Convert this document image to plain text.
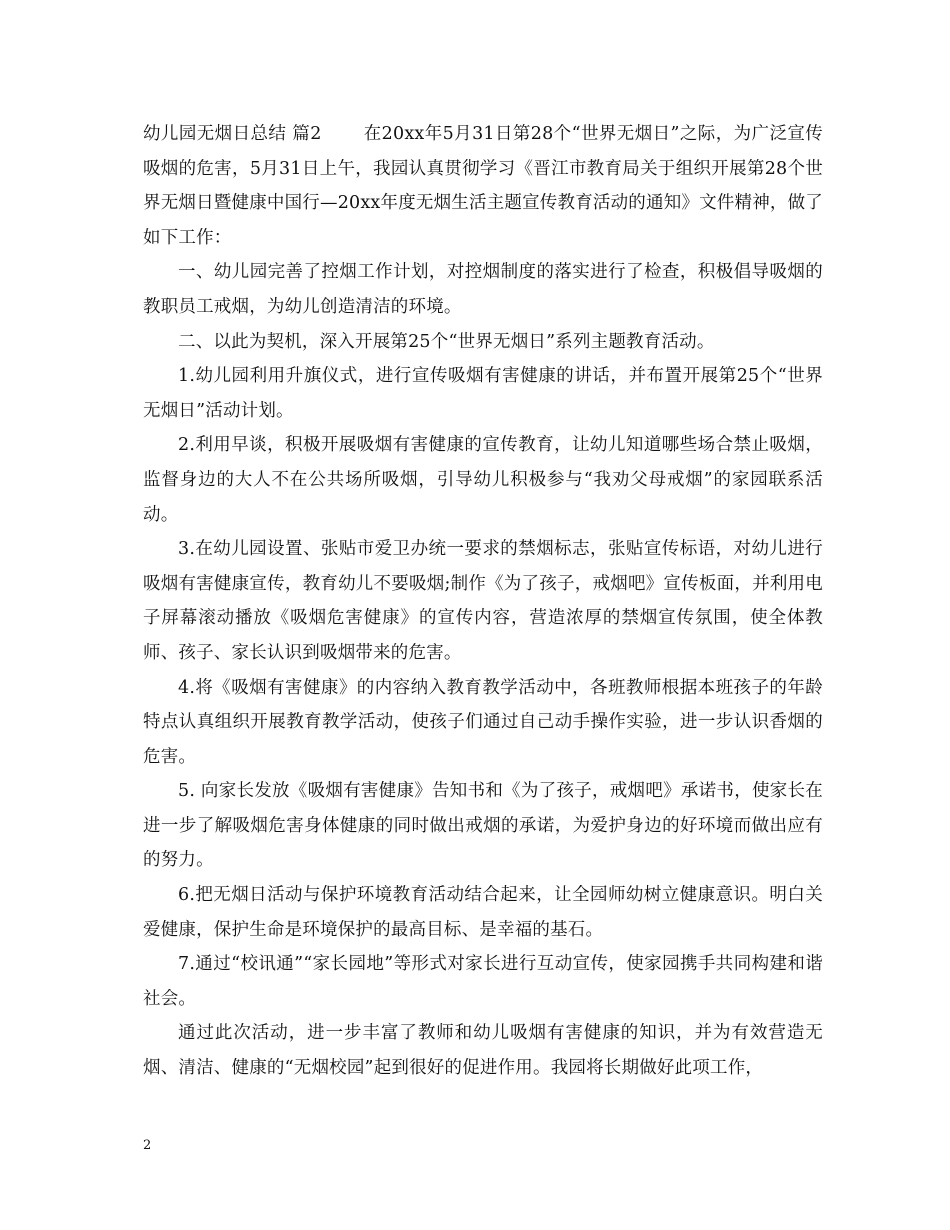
幼儿园无烟日总结 篇2 在20xx年5月31日第28个“世界无烟日”之际，为广泛宣传吸烟的危害，5月31日上午，我园认真贯彻学习《晋江市教育局关于组织开展第28个世界无烟日暨健康中国行—20xx年度无烟生活主题宣传教育活动的通知》文件精神，做了如下工作：

一、幼儿园完善了控烟工作计划，对控烟制度的落实进行了检查，积极倡导吸烟的教职员工戒烟，为幼儿创造清洁的环境。

二、以此为契机，深入开展第25个“世界无烟日”系列主题教育活动。

1.幼儿园利用升旗仪式，进行宣传吸烟有害健康的讲话，并布置开展第25个“世界无烟日”活动计划。

2.利用早谈，积极开展吸烟有害健康的宣传教育，让幼儿知道哪些场合禁止吸烟，监督身边的大人不在公共场所吸烟，引导幼儿积极参与“我劝父母戒烟”的家园联系活动。

3.在幼儿园设置、张贴市爱卫办统一要求的禁烟标志，张贴宣传标语，对幼儿进行吸烟有害健康宣传，教育幼儿不要吸烟;制作《为了孩子，戒烟吧》宣传板面，并利用电子屏幕滚动播放《吸烟危害健康》的宣传内容，营造浓厚的禁烟宣传氛围，使全体教师、孩子、家长认识到吸烟带来的危害。

4.将《吸烟有害健康》的内容纳入教育教学活动中，各班教师根据本班孩子的年龄特点认真组织开展教育教学活动，使孩子们通过自己动手操作实验，进一步认识香烟的危害。

5. 向家长发放《吸烟有害健康》告知书和《为了孩子，戒烟吧》承诺书，使家长在进一步了解吸烟危害身体健康的同时做出戒烟的承诺，为爱护身边的好环境而做出应有的努力。

6.把无烟日活动与保护环境教育活动结合起来，让全园师幼树立健康意识。明白关爱健康，保护生命是环境保护的最高目标、是幸福的基石。

7.通过“校讯通”“家长园地”等形式对家长进行互动宣传，使家园携手共同构建和谐社会。

通过此次活动，进一步丰富了教师和幼儿吸烟有害健康的知识，并为有效营造无烟、清洁、健康的“无烟校园”起到很好的促进作用。我园将长期做好此项工作，

2
